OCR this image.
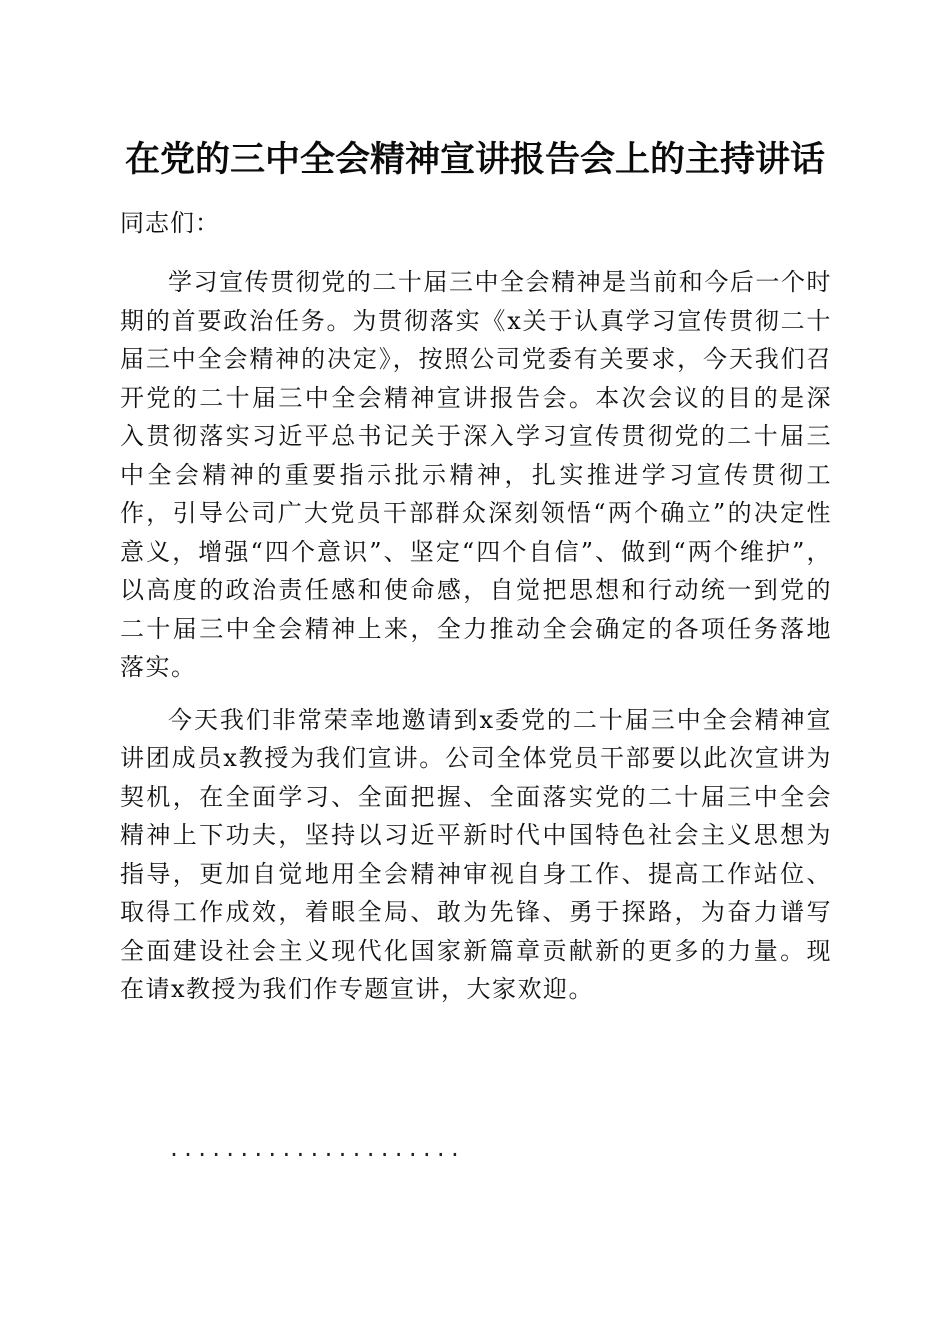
在党的三中全会精神宣讲报告会上的主持讲话

同志们：

学习宣传贯彻党的二十届三中全会精神是当前和今后一个时期的首要政治任务。为贯彻落实《x关于认真学习宣传贯彻二十届三中全会精神的决定》，按照公司党委有关要求，今天我们召开党的二十届三中全会精神宣讲报告会。本次会议的目的是深入贯彻落实习近平总书记关于深入学习宣传贯彻党的二十届三中全会精神的重要指示批示精神，扎实推进学习宣传贯彻工作，引导公司广大党员干部群众深刻领悟“两个确立”的决定性意义，增强“四个意识”、坚定“四个自信”、做到“两个维护”，以高度的政治责任感和使命感，自觉把思想和行动统一到党的二十届三中全会精神上来，全力推动全会确定的各项任务落地落实。

今天我们非常荣幸地邀请到x委党的二十届三中全会精神宣讲团成员x教授为我们宣讲。公司全体党员干部要以此次宣讲为契机，在全面学习、全面把握、全面落实党的二十届三中全会精神上下功夫，坚持以习近平新时代中国特色社会主义思想为指导，更加自觉地用全会精神审视自身工作、提高工作站位、取得工作成效，着眼全局、敢为先锋、勇于探路，为奋力谱写全面建设社会主义现代化国家新篇章贡献新的更多的力量。现在请x教授为我们作专题宣讲，大家欢迎。

.....................
